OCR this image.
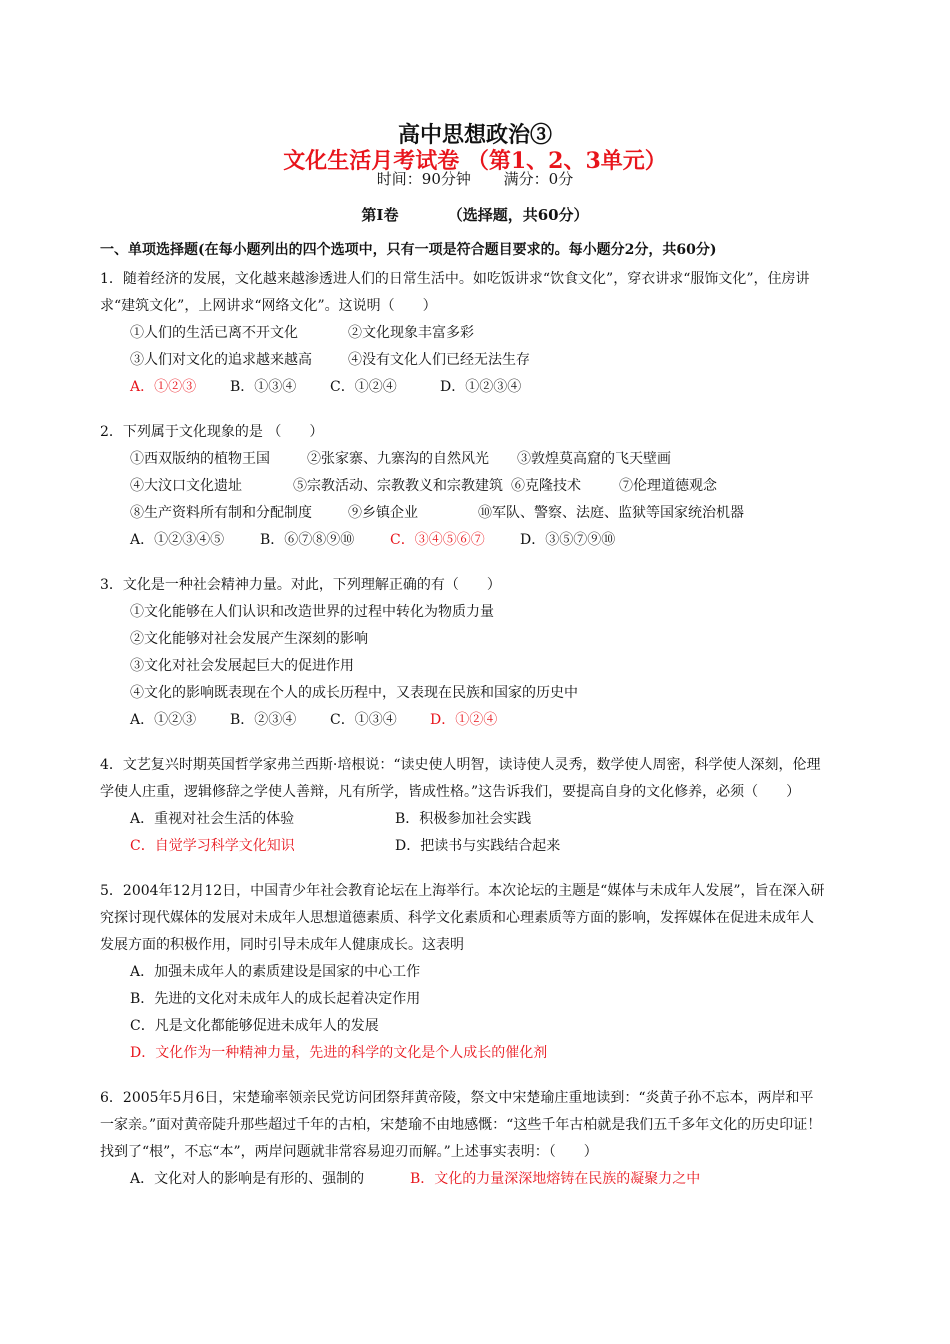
高中思想政治③
文化生活月考试卷 （第1、2、3单元）
时间：90分钟 满分：0分
第Ⅰ卷	（选择题，共60分）
一、单项选择题(在每小题列出的四个选项中，只有一项是符合题目要求的。每小题分2分，共60分)
1．随着经济的发展，文化越来越渗透进人们的日常生活中。如吃饭讲求“饮食文化”，穿衣讲求“服饰文化”，住房讲求“建筑文化”，上网讲求“网络文化”。这说明（　　）
①人们的生活已离不开文化	②文化现象丰富多彩
③人们对文化的追求越来越高	④没有文化人们已经无法生存
A．①②③ B．①③④ C．①②④	D．①②③④
2．下列属于文化现象的是 （　　）
①西双版纳的植物王国	②张家寨、九寨沟的自然风光 ③敦煌莫高窟的飞天壁画
④大汶口文化遗址	⑤宗教活动、宗教教义和宗教建筑 ⑥克隆技术	⑦伦理道德观念
⑧生产资料所有制和分配制度	⑨乡镇企业	⑩军队、警察、法庭、监狱等国家统治机器
A．①②③④⑤	B．⑥⑦⑧⑨⑩	C．③④⑤⑥⑦	D．③⑤⑦⑨⑩
3．文化是一种社会精神力量。对此，下列理解正确的有（　　）
①文化能够在人们认识和改造世界的过程中转化为物质力量
②文化能够对社会发展产生深刻的影响
③文化对社会发展起巨大的促进作用
④文化的影响既表现在个人的成长历程中，又表现在民族和国家的历史中
A．①②③ B．②③④ C．①③④ D．①②④
4．文艺复兴时期英国哲学家弗兰西斯·培根说：“读史使人明智，读诗使人灵秀，数学使人周密，科学使人深刻，伦理学使人庄重，逻辑修辞之学使人善辩，凡有所学，皆成性格。”这告诉我们，要提高自身的文化修养，必须（　　）
A．重视对社会生活的体验	B．积极参加社会实践
C．自觉学习科学文化知识	D．把读书与实践结合起来
5．2004年12月12日，中国青少年社会教育论坛在上海举行。本次论坛的主题是“媒体与未成年人发展”，旨在深入研究探讨现代媒体的发展对未成年人思想道德素质、科学文化素质和心理素质等方面的影响，发挥媒体在促进未成年人发展方面的积极作用，同时引导未成年人健康成长。这表明
A．加强未成年人的素质建设是国家的中心工作
B．先进的文化对未成年人的成长起着决定作用
C．凡是文化都能够促进未成年人的发展
D．文化作为一种精神力量，先进的科学的文化是个人成长的催化剂
6．2005年5月6日，宋楚瑜率领亲民党访问团祭拜黄帝陵，祭文中宋楚瑜庄重地读到：“炎黄子孙不忘本，两岸和平一家亲。”面对黄帝陡升那些超过千年的古柏，宋楚瑜不由地感慨：“这些千年古柏就是我们五千多年文化的历史印证！找到了“根”，不忘“本”，两岸问题就非常容易迎刃而解。”上述事实表明：（　　）
A．文化对人的影响是有形的、强制的	B．文化的力量深深地熔铸在民族的凝聚力之中
